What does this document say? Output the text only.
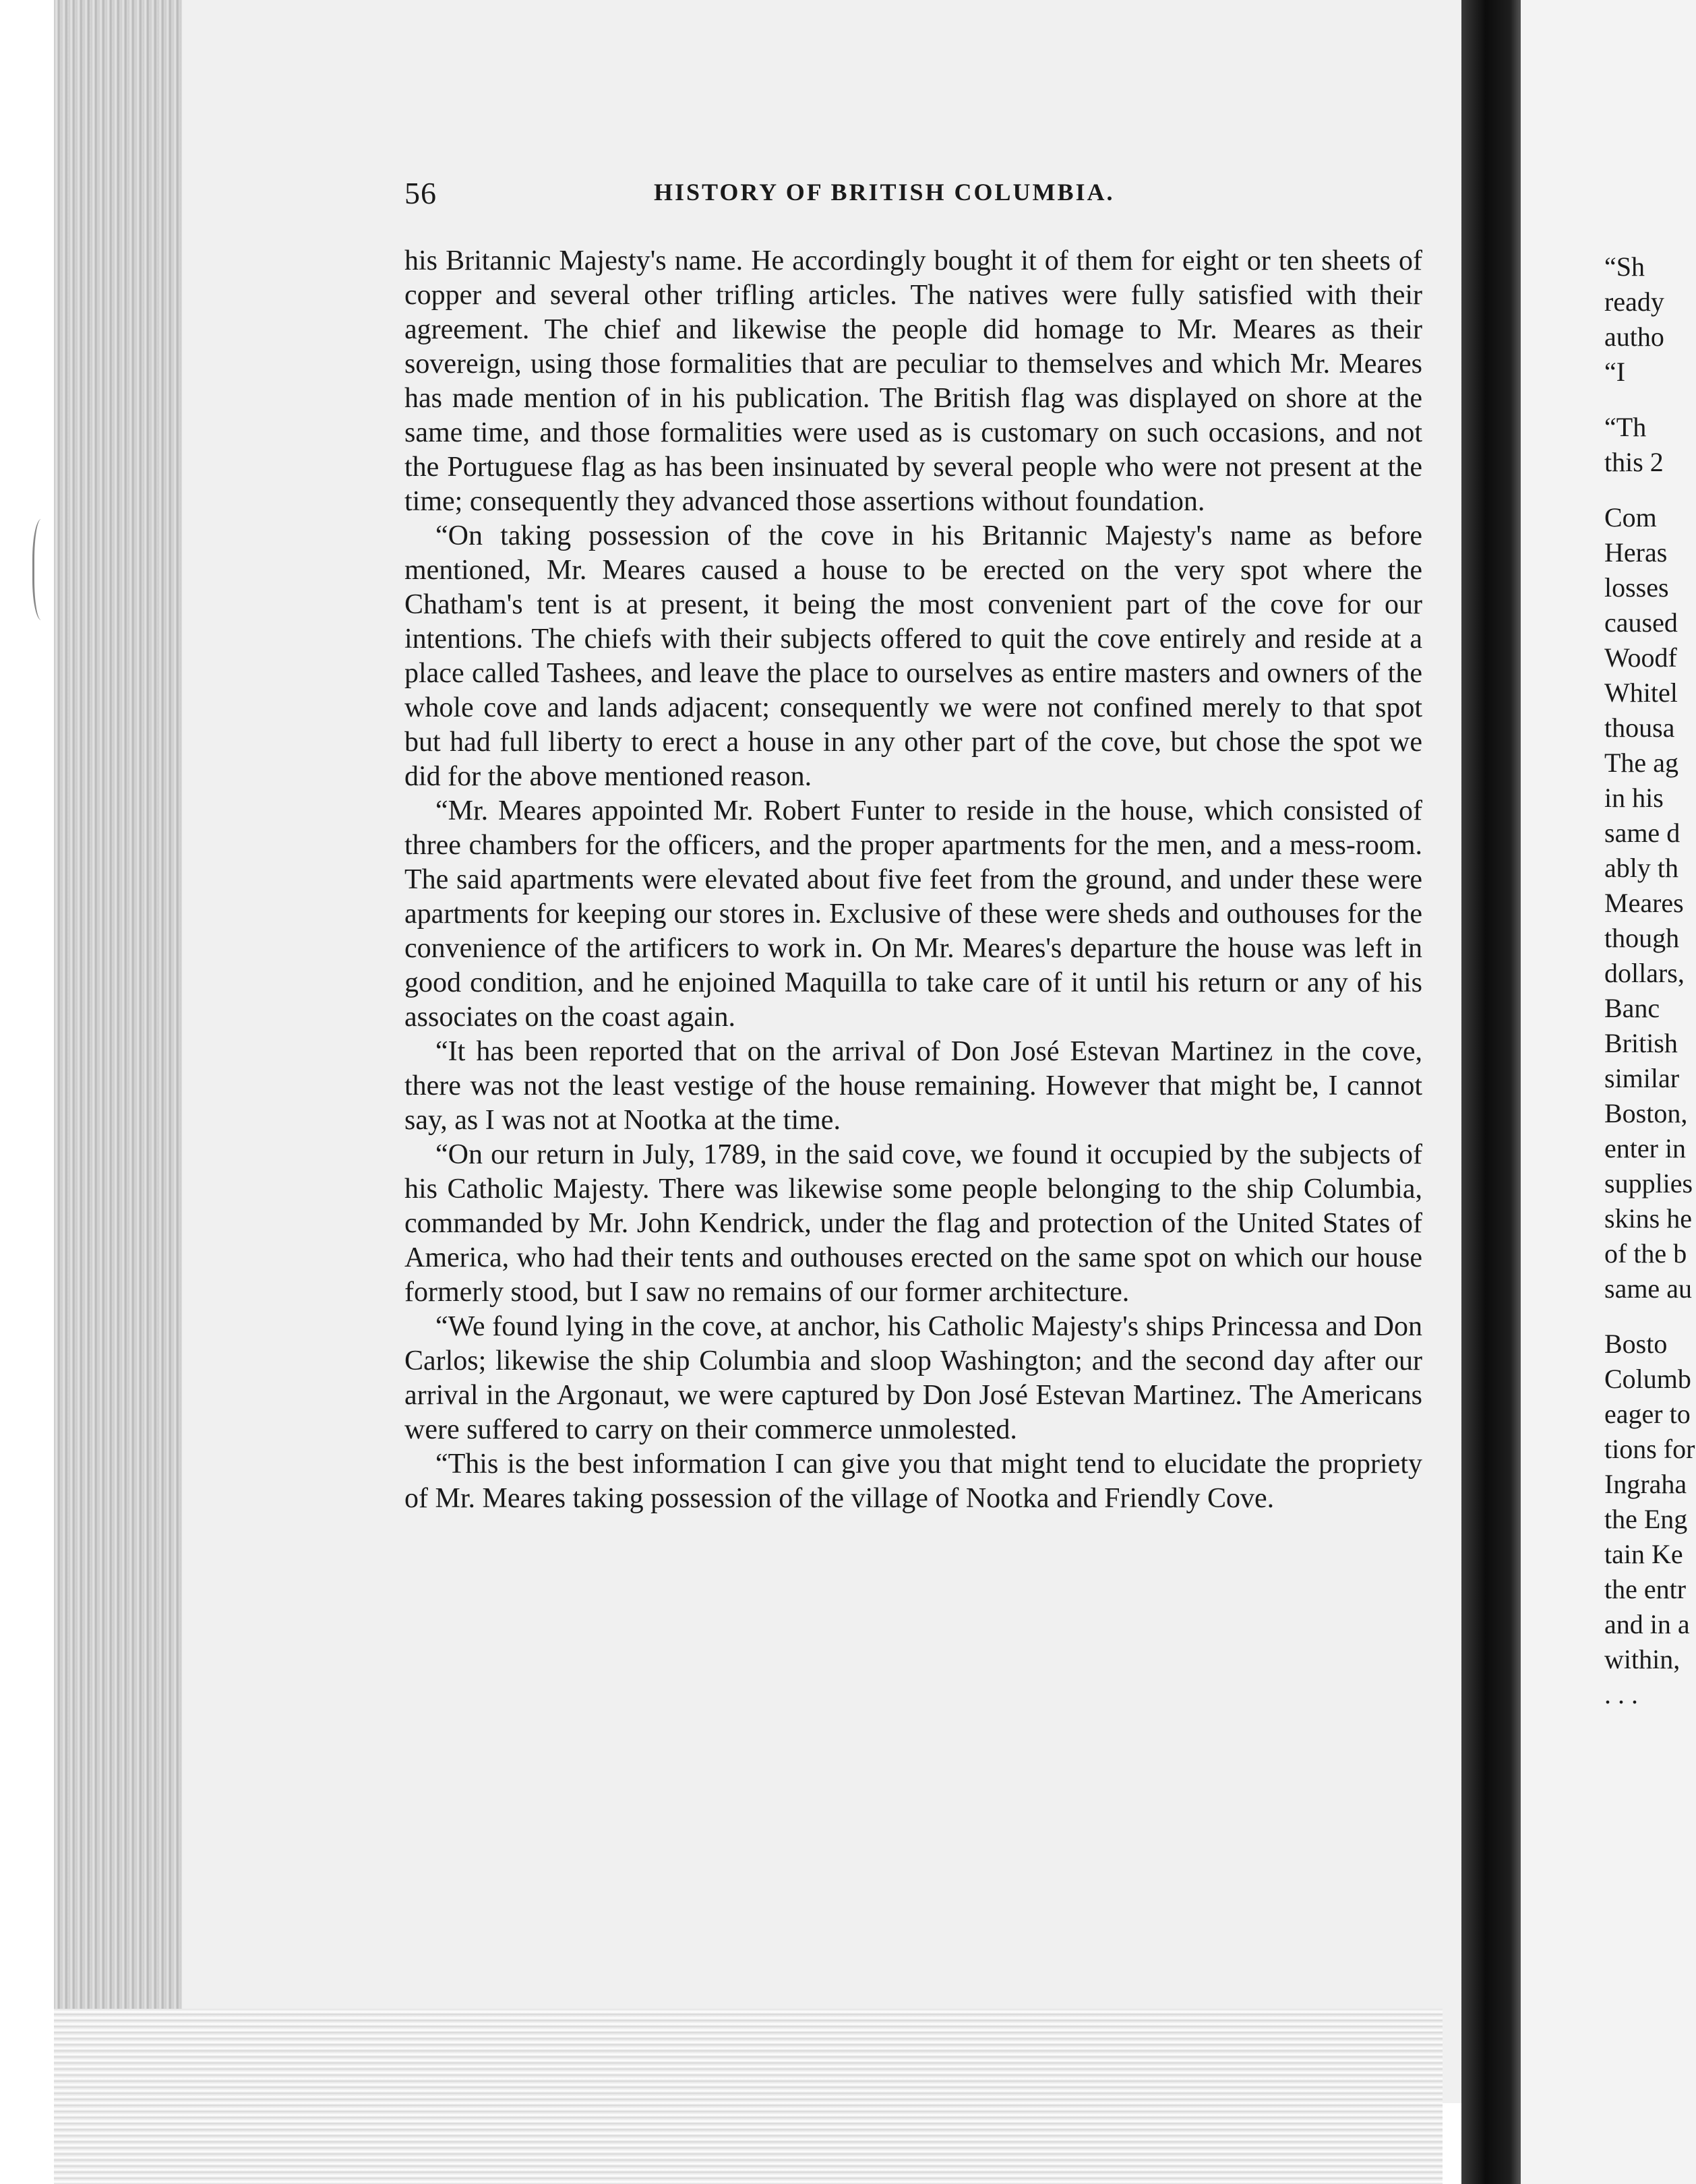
56	HISTORY OF BRITISH COLUMBIA.

his Britannic Majesty's name. He accordingly bought it of them for eight or ten sheets of copper and several other trifling articles. The natives were fully satisfied with their agreement. The chief and likewise the people did homage to Mr. Meares as their sovereign, using those formalities that are peculiar to themselves and which Mr. Meares has made mention of in his publication. The British flag was displayed on shore at the same time, and those formalities were used as is customary on such occasions, and not the Portuguese flag as has been insinuated by several people who were not present at the time; consequently they advanced those assertions without foundation.

“On taking possession of the cove in his Britannic Majesty's name as before mentioned, Mr. Meares caused a house to be erected on the very spot where the Chatham's tent is at present, it being the most convenient part of the cove for our intentions. The chiefs with their subjects offered to quit the cove entirely and reside at a place called Tashees, and leave the place to ourselves as entire masters and owners of the whole cove and lands adjacent; consequently we were not confined merely to that spot but had full liberty to erect a house in any other part of the cove, but chose the spot we did for the above mentioned reason.

“Mr. Meares appointed Mr. Robert Funter to reside in the house, which consisted of three chambers for the officers, and the proper apartments for the men, and a mess-room. The said apartments were elevated about five feet from the ground, and under these were apartments for keeping our stores in. Exclusive of these were sheds and outhouses for the convenience of the artificers to work in. On Mr. Meares's departure the house was left in good condition, and he enjoined Maquilla to take care of it until his return or any of his associates on the coast again.

“It has been reported that on the arrival of Don José Estevan Martinez in the cove, there was not the least vestige of the house remaining. However that might be, I cannot say, as I was not at Nootka at the time.

“On our return in July, 1789, in the said cove, we found it occupied by the subjects of his Catholic Majesty. There was likewise some people belonging to the ship Columbia, commanded by Mr. John Kendrick, under the flag and protection of the United States of America, who had their tents and outhouses erected on the same spot on which our house formerly stood, but I saw no remains of our former architecture.

“We found lying in the cove, at anchor, his Catholic Majesty's ships Princessa and Don Carlos; likewise the ship Columbia and sloop Washington; and the second day after our arrival in the Argonaut, we were captured by Don José Estevan Martinez. The Americans were suffered to carry on their commerce unmolested.

“This is the best information I can give you that might tend to elucidate the propriety of Mr. Meares taking possession of the village of Nootka and Friendly Cove.

“Sh
ready
autho
“I
“Th
this 2
Com
Heras
losses
caused
Woodf
Whitel
thousa
The ag
in his
same d
ably th
Meares
though
dollars,
Banc
British
similar
Boston,
enter in
supplies
skins he
of the b
same au
Bosto
Columb
eager to
tions for
Ingraha
the Eng
tain Ke
the entr
and in a
within,
. . .
